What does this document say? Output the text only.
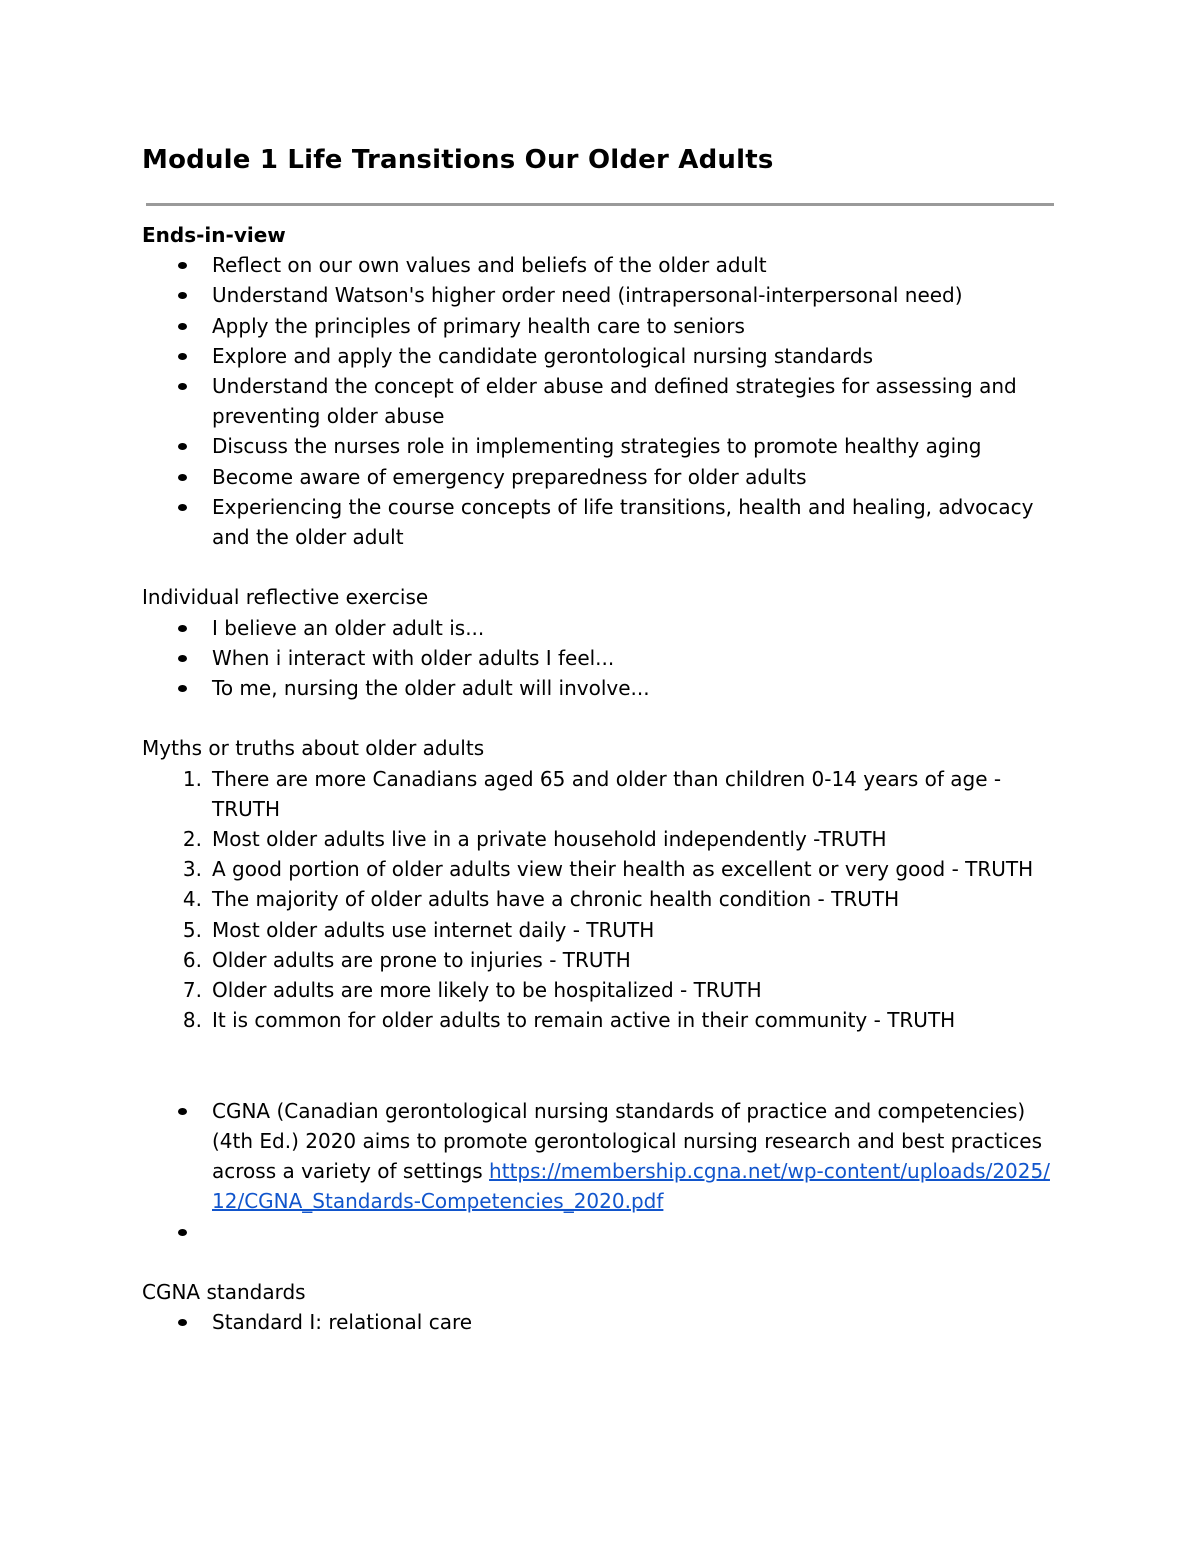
Module 1 Life Transitions Our Older Adults

Ends-in-view

Reflect on our own values and beliefs of the older adult
Understand Watson's higher order need (intrapersonal-interpersonal need)
Apply the principles of primary health care to seniors
Explore and apply the candidate gerontological nursing standards
Understand the concept of elder abuse and defined strategies for assessing and preventing older abuse
Discuss the nurses role in implementing strategies to promote healthy aging
Become aware of emergency preparedness for older adults
Experiencing the course concepts of life transitions, health and healing, advocacy and the older adult

Individual reflective exercise

I believe an older adult is...
When i interact with older adults I feel...
To me, nursing the older adult will involve...

Myths or truths about older adults

1. There are more Canadians aged 65 and older than children 0-14 years of age - TRUTH
2. Most older adults live in a private household independently -TRUTH
3. A good portion of older adults view their health as excellent or very good - TRUTH
4. The majority of older adults have a chronic health condition - TRUTH
5. Most older adults use internet daily - TRUTH
6. Older adults are prone to injuries - TRUTH
7. Older adults are more likely to be hospitalized - TRUTH
8. It is common for older adults to remain active in their community - TRUTH
CGNA (Canadian gerontological nursing standards of practice and competencies) (4th Ed.) 2020 aims to promote gerontological nursing research and best practices across a variety of settings https://membership.cgna.net/wp-content/uploads/2025/12/CGNA_Standards-Competencies_2020.pdf

CGNA standards

Standard I: relational care
